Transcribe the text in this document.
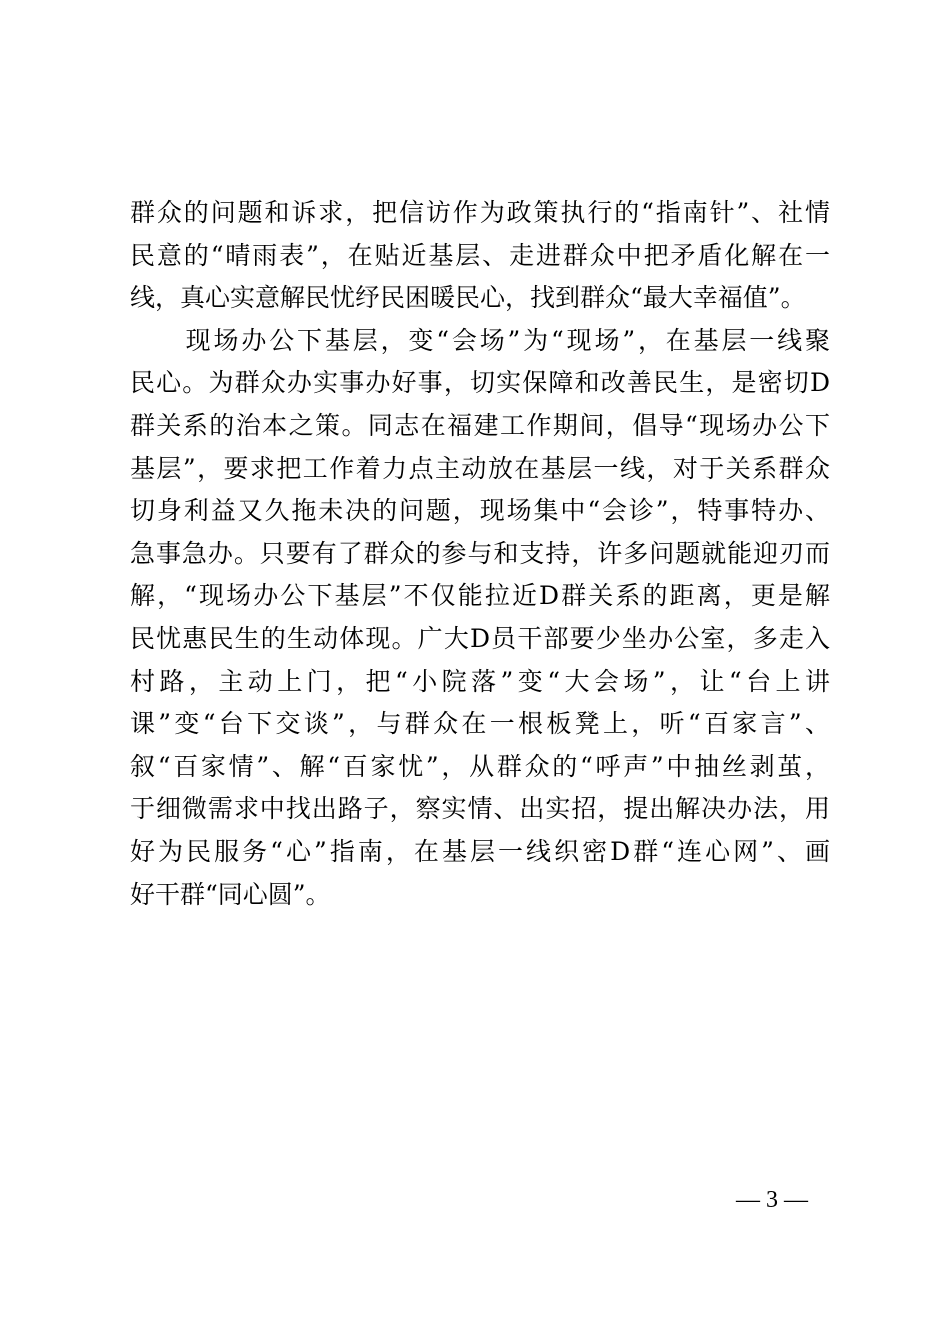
群众的问题和诉求，把信访作为政策执行的“指南针”、社情
民意的“晴雨表”，在贴近基层、走进群众中把矛盾化解在一
线，真心实意解民忧纾民困暖民心，找到群众“最大幸福值”。
　　现场办公下基层，变“会场”为“现场”，在基层一线聚
民心。为群众办实事办好事，切实保障和改善民生，是密切D
群关系的治本之策。同志在福建工作期间，倡导“现场办公下
基层”，要求把工作着力点主动放在基层一线，对于关系群众
切身利益又久拖未决的问题，现场集中“会诊”，特事特办、
急事急办。只要有了群众的参与和支持，许多问题就能迎刃而
解，“现场办公下基层”不仅能拉近D群关系的距离，更是解
民忧惠民生的生动体现。广大D员干部要少坐办公室，多走入
村路，主动上门，把“小院落”变“大会场”，让“台上讲
课”变“台下交谈”，与群众在一根板凳上，听“百家言”、
叙“百家情”、解“百家忧”，从群众的“呼声”中抽丝剥茧，
于细微需求中找出路子，察实情、出实招，提出解决办法，用
好为民服务“心”指南，在基层一线织密D群“连心网”、画
好干群“同心圆”。
— 3 —
